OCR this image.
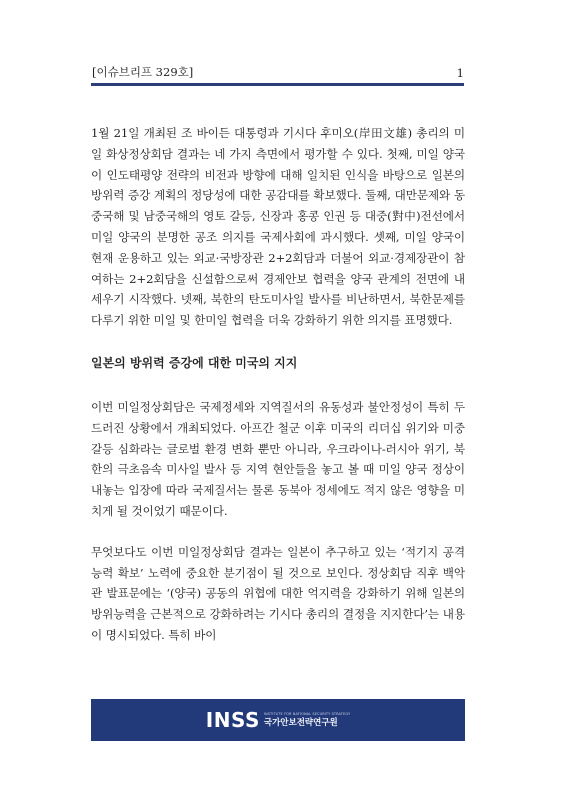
[이슈브리프 329호]	1

1월 21일 개최된 조 바이든 대통령과 기시다 후미오(岸田文雄) 총리의 미일 화상정상회담 결과는 네 가지 측면에서 평가할 수 있다. 첫째, 미일 양국이 인도태평양 전략의 비전과 방향에 대해 일치된 인식을 바탕으로 일본의 방위력 증강 계획의 정당성에 대한 공감대를 확보했다. 둘째, 대만문제와 동중국해 및 남중국해의 영토 갈등, 신장과 홍콩 인권 등 대중(對中)전선에서 미일 양국의 분명한 공조 의지를 국제사회에 과시했다. 셋째, 미일 양국이 현재 운용하고 있는 외교·국방장관 2+2회담과 더불어 외교·경제장관이 참여하는 2+2회담을 신설함으로써 경제안보 협력을 양국 관계의 전면에 내세우기 시작했다. 넷째, 북한의 탄도미사일 발사를 비난하면서, 북한문제를 다루기 위한 미일 및 한미일 협력을 더욱 강화하기 위한 의지를 표명했다.

일본의 방위력 증강에 대한 미국의 지지

이번 미일정상회담은 국제정세와 지역질서의 유동성과 불안정성이 특히 두드러진 상황에서 개최되었다. 아프간 철군 이후 미국의 리더십 위기와 미중갈등 심화라는 글로벌 환경 변화 뿐만 아니라, 우크라이나-러시아 위기, 북한의 극초음속 미사일 발사 등 지역 현안들을 놓고 볼 때 미일 양국 정상이 내놓는 입장에 따라 국제질서는 물론 동북아 정세에도 적지 않은 영향을 미치게 될 것이었기 때문이다.

무엇보다도 이번 미일정상회담 결과는 일본이 추구하고 있는 ‘적기지 공격능력 확보’ 노력에 중요한 분기점이 될 것으로 보인다. 정상회담 직후 백악관 발표문에는 ‘(양국) 공동의 위협에 대한 억지력을 강화하기 위해 일본의 방위능력을 근본적으로 강화하려는 기시다 총리의 결정을 지지한다’는 내용이 명시되었다. 특히 바이

INSS INSTITUTE FOR NATIONAL SECURITY STRATEGY
국가안보전략연구원
